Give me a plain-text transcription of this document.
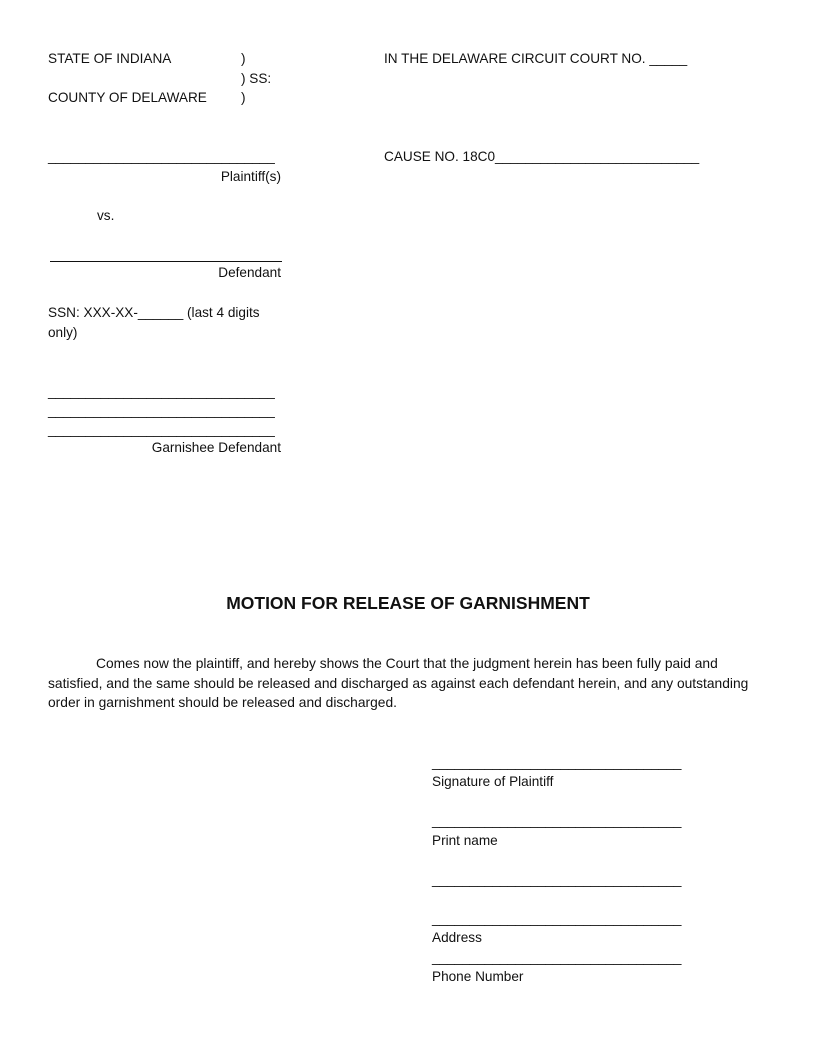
STATE OF INDIANA	)
) SS:
COUNTY OF DELAWARE	)
IN THE DELAWARE CIRCUIT COURT NO. _____
CAUSE NO. 18C0___________________________
______________________________
Plaintiff(s)
vs.
Defendant
SSN: XXX-XX-______ (last 4 digits
only)
______________________________
______________________________
______________________________
Garnishee Defendant
MOTION FOR RELEASE OF GARNISHMENT
Comes now the plaintiff, and hereby shows the Court that the judgment herein has been fully paid and satisfied, and the same should be released and discharged as against each defendant herein, and any outstanding order in garnishment should be released and discharged.
_________________________________
Signature of Plaintiff
_________________________________
Print name
_________________________________
_________________________________
Address
_________________________________
Phone Number
